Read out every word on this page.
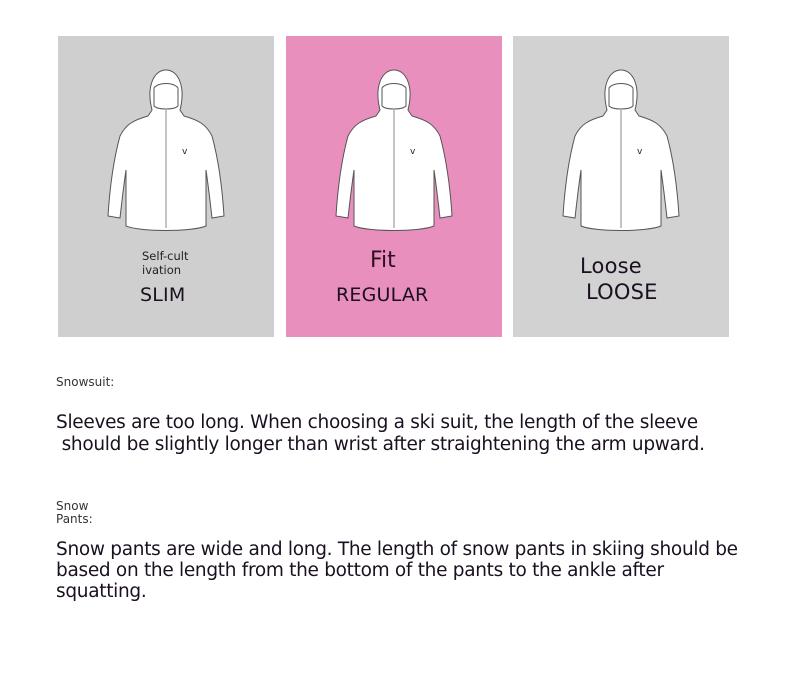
v
Self-cult
ivation
SLIM
v
Fit
REGULAR
v
Loose
LOOSE
Snowsuit:
Sleeves are too long. When choosing a ski suit, the length of the sleeve
should be slightly longer than wrist after straightening the arm upward.
Snow
Pants:
Snow pants are wide and long. The length of snow pants in skiing should be
based on the length from the bottom of the pants to the ankle after
squatting.
